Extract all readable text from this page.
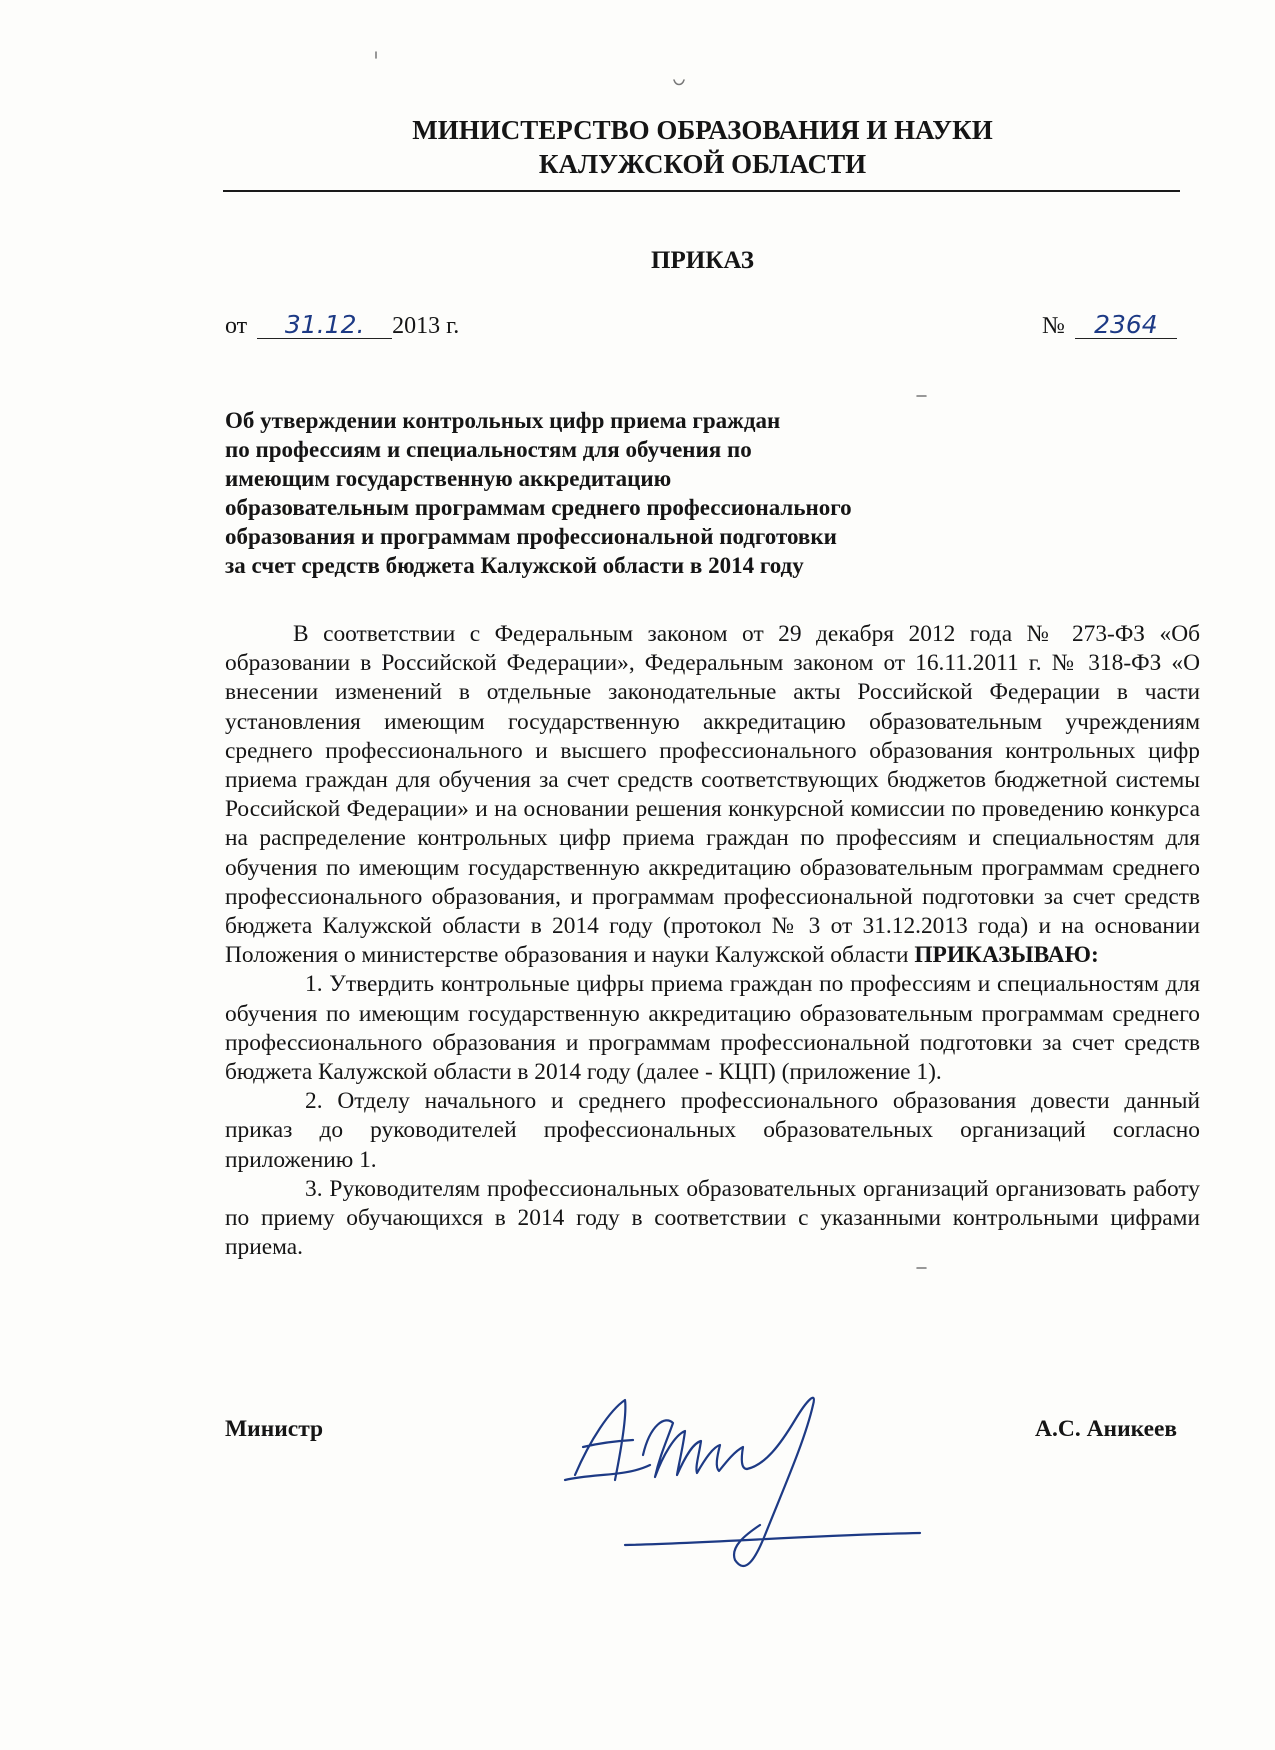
МИНИСТЕРСТВО ОБРАЗОВАНИЯ И НАУКИ
КАЛУЖСКОЙ ОБЛАСТИ
ПРИКАЗ
от 31.12. 2013 г.	№ 2364
Об утверждении контрольных цифр приема граждан
по профессиям и специальностям для обучения по
имеющим государственную аккредитацию
образовательным программам среднего профессионального
образования и программам профессиональной подготовки
за счет средств бюджета Калужской области в 2014 году

В соответствии с Федеральным законом от 29 декабря 2012 года № 273-ФЗ «Об образовании в Российской Федерации», Федеральным законом от 16.11.2011 г. № 318-ФЗ «О внесении изменений в отдельные законодательные акты Российской Федерации в части установления имеющим государственную аккредитацию образовательным учреждениям среднего профессионального и высшего профессионального образования контрольных цифр приема граждан для обучения за счет средств соответствующих бюджетов бюджетной системы Российской Федерации» и на основании решения конкурсной комиссии по проведению конкурса на распределение контрольных цифр приема граждан по профессиям и специальностям для обучения по имеющим государственную аккредитацию образовательным программам среднего профессионального образования, и программам профессиональной подготовки за счет средств бюджета Калужской области в 2014 году (протокол № 3 от 31.12.2013 года) и на основании Положения о министерстве образования и науки Калужской области ПРИКАЗЫВАЮ:

1. Утвердить контрольные цифры приема граждан по профессиям и специальностям для обучения по имеющим государственную аккредитацию образовательным программам среднего профессионального образования и программам профессиональной подготовки за счет средств бюджета Калужской области в 2014 году (далее - КЦП) (приложение 1).

2. Отделу начального и среднего профессионального образования довести данный приказ до руководителей профессиональных образовательных организаций согласно приложению 1.

3. Руководителям профессиональных образовательных организаций организовать работу по приему обучающихся в 2014 году в соответствии с указанными контрольными цифрами приема.

Министр	А.С. Аникеев
